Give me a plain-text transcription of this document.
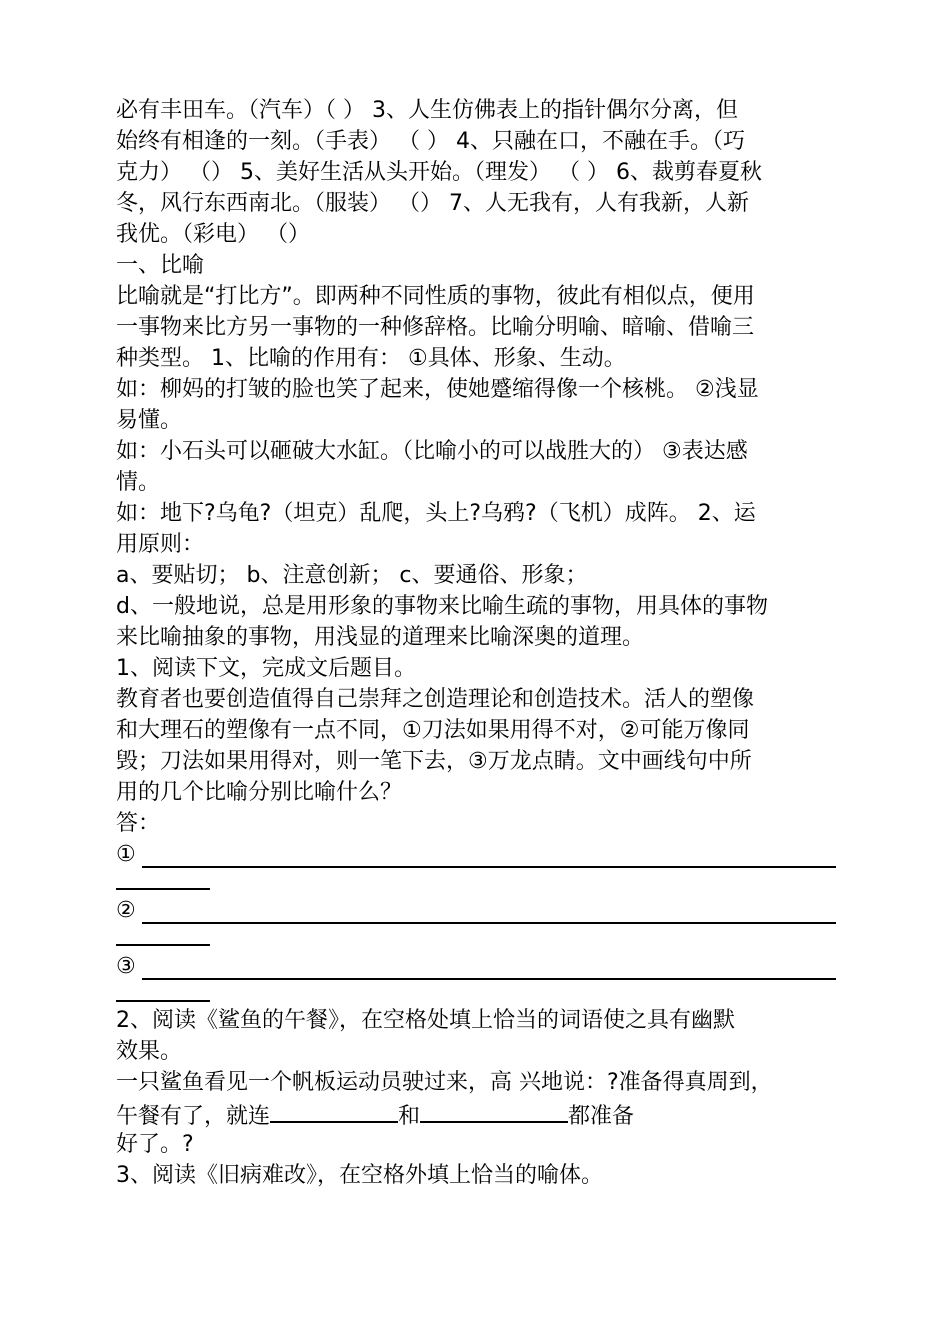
必有丰田车。（汽车）（ ） 3、人生仿佛表上的指针偶尔分离，但
始终有相逢的一刻。（手表） （ ） 4、只融在口，不融在手。（巧
克力） （） 5、美好生活从头开始。（理发） （ ） 6、裁剪春夏秋
冬，风行东西南北。（服装） （） 7、人无我有，人有我新，人新
我优。（彩电） （）
一、比喻
比喻就是“打比方”。即两种不同性质的事物，彼此有相似点，便用
一事物来比方另一事物的一种修辞格。比喻分明喻、暗喻、借喻三
种类型。 1、比喻的作用有： ①具体、形象、生动。
如：柳妈的打皱的脸也笑了起来，使她蹙缩得像一个核桃。 ②浅显
易懂。
如：小石头可以砸破大水缸。（比喻小的可以战胜大的） ③表达感
情。
如：地下?乌龟?（坦克）乱爬，头上?乌鸦?（飞机）成阵。 2、运
用原则：
a、要贴切； b、注意创新； c、要通俗、形象；
d、一般地说，总是用形象的事物来比喻生疏的事物，用具体的事物
来比喻抽象的事物，用浅显的道理来比喻深奥的道理。
1、阅读下文，完成文后题目。
教育者也要创造值得自己崇拜之创造理论和创造技术。活人的塑像
和大理石的塑像有一点不同，①刀法如果用得不对，②可能万像同
毁；刀法如果用得对，则一笔下去，③万龙点睛。文中画线句中所
用的几个比喻分别比喻什么？
答：
①
②
③
2、阅读《鲨鱼的午餐》，在空格处填上恰当的词语使之具有幽默
效果。
一只鲨鱼看见一个帆板运动员驶过来，高 兴地说：?准备得真周到，
午餐有了，就连	和	都准备
好了。?
3、阅读《旧病难改》，在空格外填上恰当的喻体。
